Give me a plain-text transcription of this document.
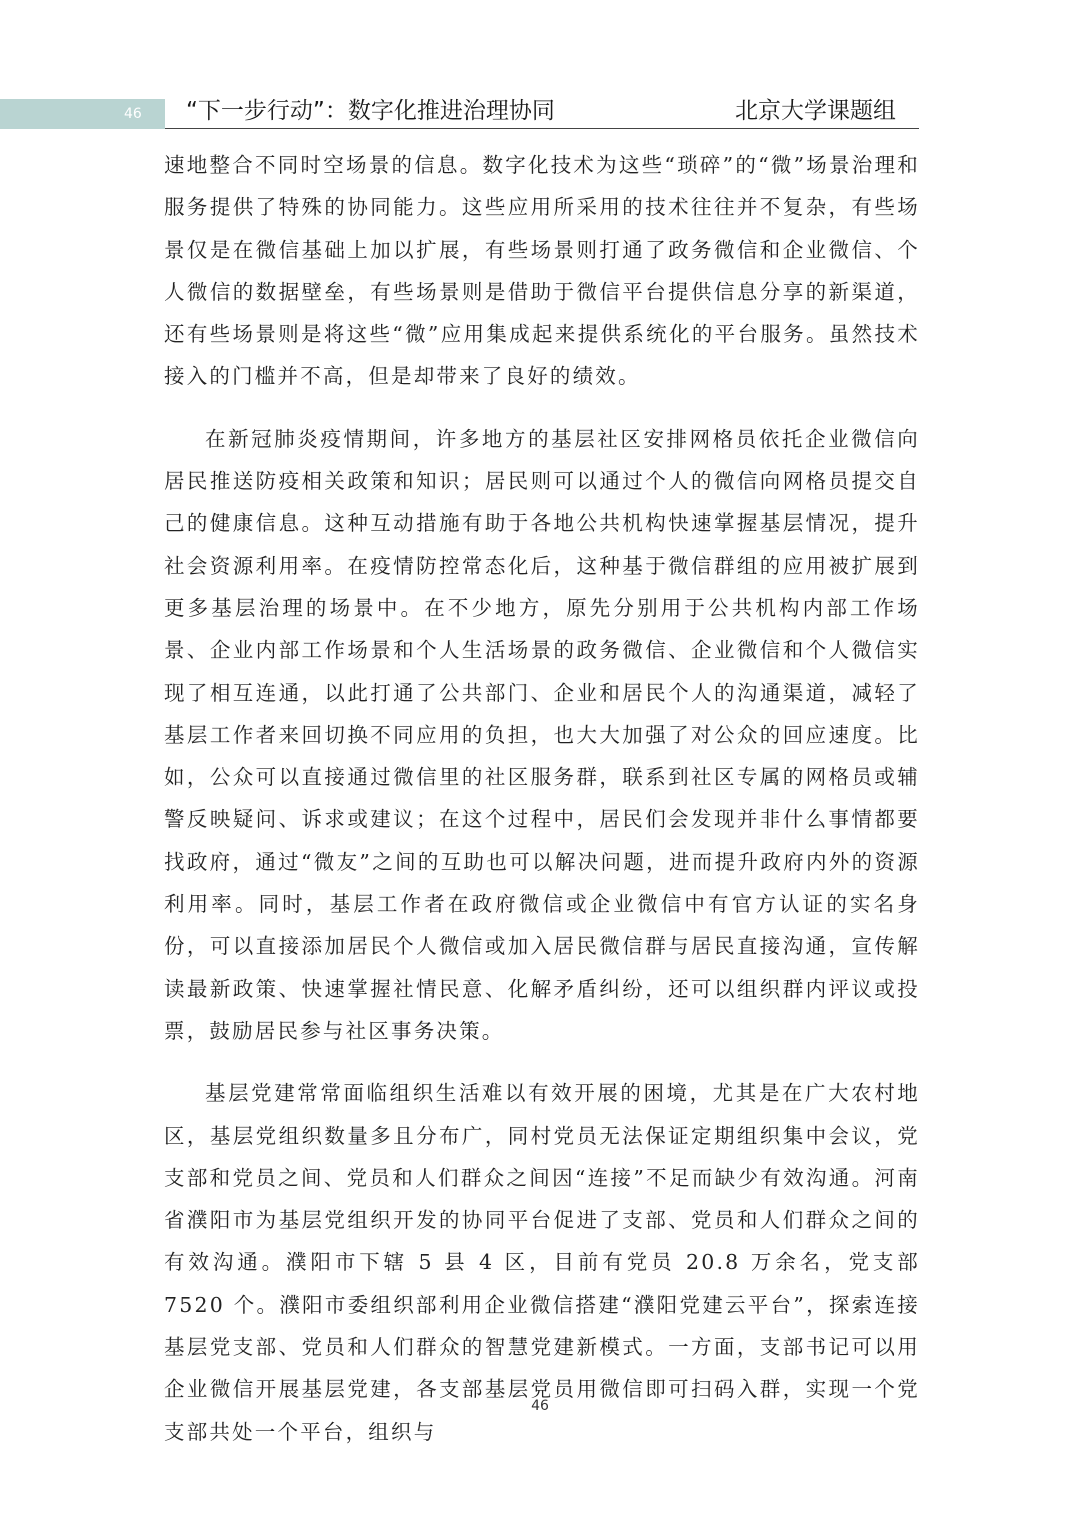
46 “下一步行动”：数字化推进治理协同	北京大学课题组

速地整合不同时空场景的信息。数字化技术为这些“琐碎”的“微”场景治理和服务提供了特殊的协同能力。这些应用所采用的技术往往并不复杂，有些场景仅是在微信基础上加以扩展，有些场景则打通了政务微信和企业微信、个人微信的数据壁垒，有些场景则是借助于微信平台提供信息分享的新渠道，还有些场景则是将这些“微”应用集成起来提供系统化的平台服务。虽然技术接入的门槛并不高，但是却带来了良好的绩效。

在新冠肺炎疫情期间，许多地方的基层社区安排网格员依托企业微信向居民推送防疫相关政策和知识；居民则可以通过个人的微信向网格员提交自己的健康信息。这种互动措施有助于各地公共机构快速掌握基层情况，提升社会资源利用率。在疫情防控常态化后，这种基于微信群组的应用被扩展到更多基层治理的场景中。在不少地方，原先分别用于公共机构内部工作场景、企业内部工作场景和个人生活场景的政务微信、企业微信和个人微信实现了相互连通，以此打通了公共部门、企业和居民个人的沟通渠道，减轻了基层工作者来回切换不同应用的负担，也大大加强了对公众的回应速度。比如，公众可以直接通过微信里的社区服务群，联系到社区专属的网格员或辅警反映疑问、诉求或建议；在这个过程中，居民们会发现并非什么事情都要找政府，通过“微友”之间的互助也可以解决问题，进而提升政府内外的资源利用率。同时，基层工作者在政府微信或企业微信中有官方认证的实名身份，可以直接添加居民个人微信或加入居民微信群与居民直接沟通，宣传解读最新政策、快速掌握社情民意、化解矛盾纠纷，还可以组织群内评议或投票，鼓励居民参与社区事务决策。

基层党建常常面临组织生活难以有效开展的困境，尤其是在广大农村地区，基层党组织数量多且分布广，同村党员无法保证定期组织集中会议，党支部和党员之间、党员和人们群众之间因“连接”不足而缺少有效沟通。河南省濮阳市为基层党组织开发的协同平台促进了支部、党员和人们群众之间的有效沟通。濮阳市下辖 5 县 4 区，目前有党员 20.8 万余名，党支部 7520 个。濮阳市委组织部利用企业微信搭建“濮阳党建云平台”，探索连接基层党支部、党员和人们群众的智慧党建新模式。一方面，支部书记可以用企业微信开展基层党建，各支部基层党员用微信即可扫码入群，实现一个党支部共处一个平台，组织与

46
